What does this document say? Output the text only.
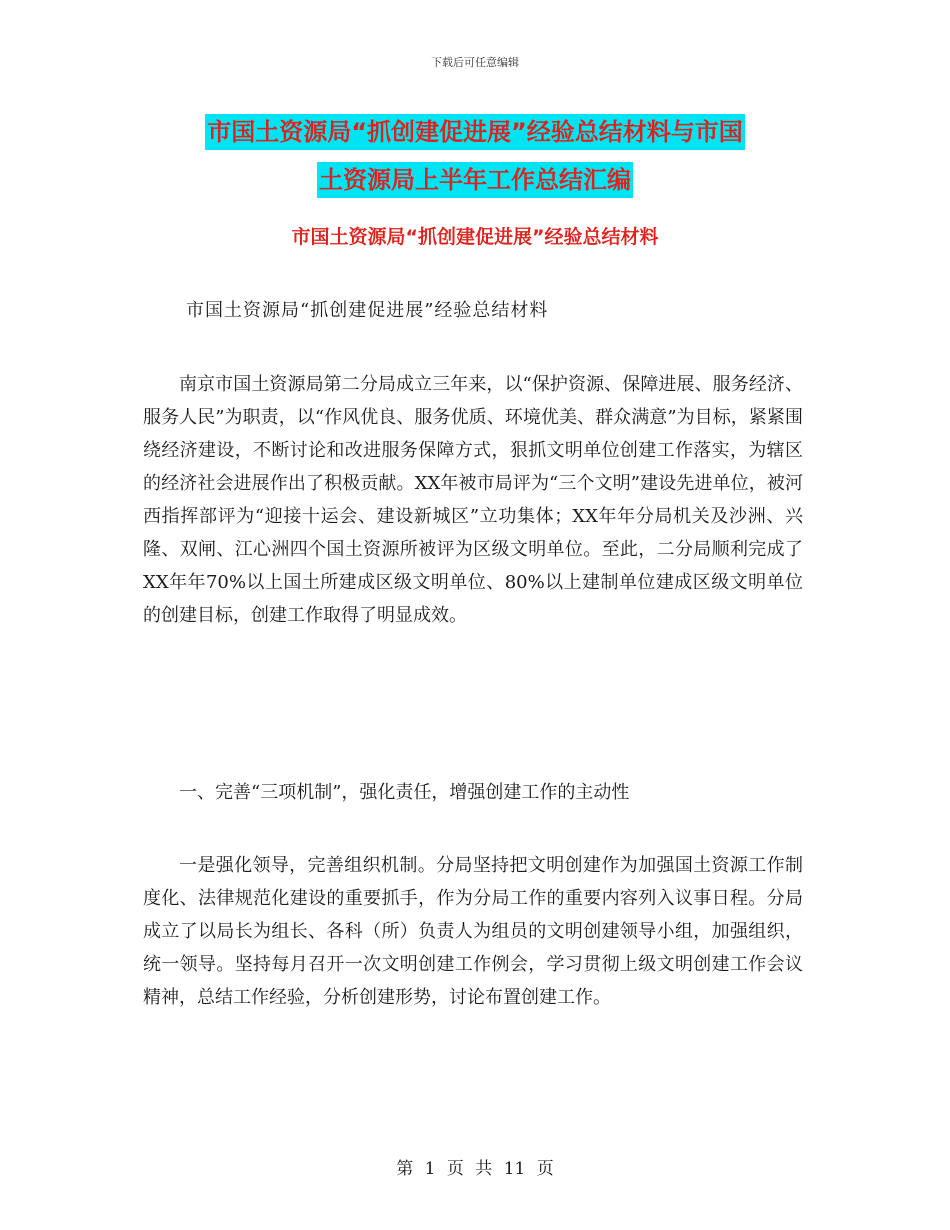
下载后可任意编辑
市国土资源局“抓创建促进展”经验总结材料与市国
土资源局上半年工作总结汇编
市国土资源局“抓创建促进展”经验总结材料
市国土资源局“抓创建促进展”经验总结材料

南京市国土资源局第二分局成立三年来，以“保护资源、保障进展、服务经济、服务人民”为职责，以“作风优良、服务优质、环境优美、群众满意”为目标，紧紧围绕经济建设，不断讨论和改进服务保障方式，狠抓文明单位创建工作落实，为辖区的经济社会进展作出了积极贡献。XX年被市局评为“三个文明”建设先进单位，被河西指挥部评为“迎接十运会、建设新城区”立功集体；XX年年分局机关及沙洲、兴隆、双闸、江心洲四个国土资源所被评为区级文明单位。至此，二分局顺利完成了XX年年70%以上国土所建成区级文明单位、80%以上建制单位建成区级文明单位的创建目标，创建工作取得了明显成效。

一、完善“三项机制”，强化责任，增强创建工作的主动性

一是强化领导，完善组织机制。分局坚持把文明创建作为加强国土资源工作制度化、法律规范化建设的重要抓手，作为分局工作的重要内容列入议事日程。分局成立了以局长为组长、各科（所）负责人为组员的文明创建领导小组，加强组织，统一领导。坚持每月召开一次文明创建工作例会，学习贯彻上级文明创建工作会议精神，总结工作经验，分析创建形势，讨论布置创建工作。

第 1 页 共 11 页
